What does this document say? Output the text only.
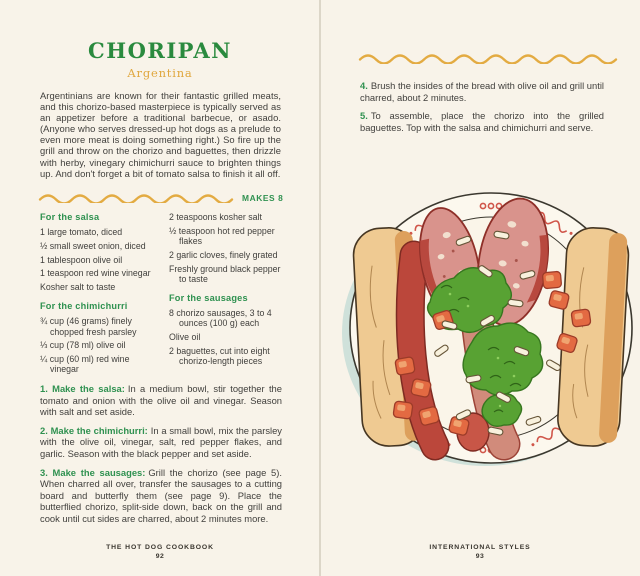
CHORIPAN
Argentina
Argentinians are known for their fantastic grilled meats, and this chorizo-based masterpiece is typically served as an appetizer before a traditional barbecue, or asado. (Anyone who serves dressed-up hot dogs as a prelude to even more meat is doing something right.) So fire up the grill and throw on the chorizo and baguettes, then drizzle with herby, vinegary chimichurri sauce to brighten things up. And don't forget a bit of tomato salsa to finish it all off.
MAKES 8

For the salsa

1 large tomato, diced

½ small sweet onion, diced

1 tablespoon olive oil

1 teaspoon red wine vinegar

Kosher salt to taste

For the chimichurri

¾ cup (46 grams) finely chopped fresh parsley

⅓ cup (78 ml) olive oil

¼ cup (60 ml) red wine vinegar

2 teaspoons kosher salt

½ teaspoon hot red pepper flakes

2 garlic cloves, finely grated

Freshly ground black pepper to taste

For the sausages

8 chorizo sausages, 3 to 4 ounces (100 g) each

Olive oil

2 baguettes, cut into eight chorizo-length pieces

1. Make the salsa: In a medium bowl, stir together the tomato and onion with the olive oil and vinegar. Season with salt and set aside.

2. Make the chimichurri: In a small bowl, mix the parsley with the olive oil, vinegar, salt, red pepper flakes, and garlic. Season with the black pepper and set aside.

3. Make the sausages: Grill the chorizo (see page 5). When charred all over, transfer the sausages to a cutting board and butterfly them (see page 9). Place the butterflied chorizo, split-side down, back on the grill and cook until cut sides are charred, about 2 minutes more.

THE HOT DOG COOKBOOK
92

4. Brush the insides of the bread with olive oil and grill until charred, about 2 minutes.

5. To assemble, place the chorizo into the grilled baguettes. Top with the salsa and chimichurri and serve.

INTERNATIONAL STYLES
93
